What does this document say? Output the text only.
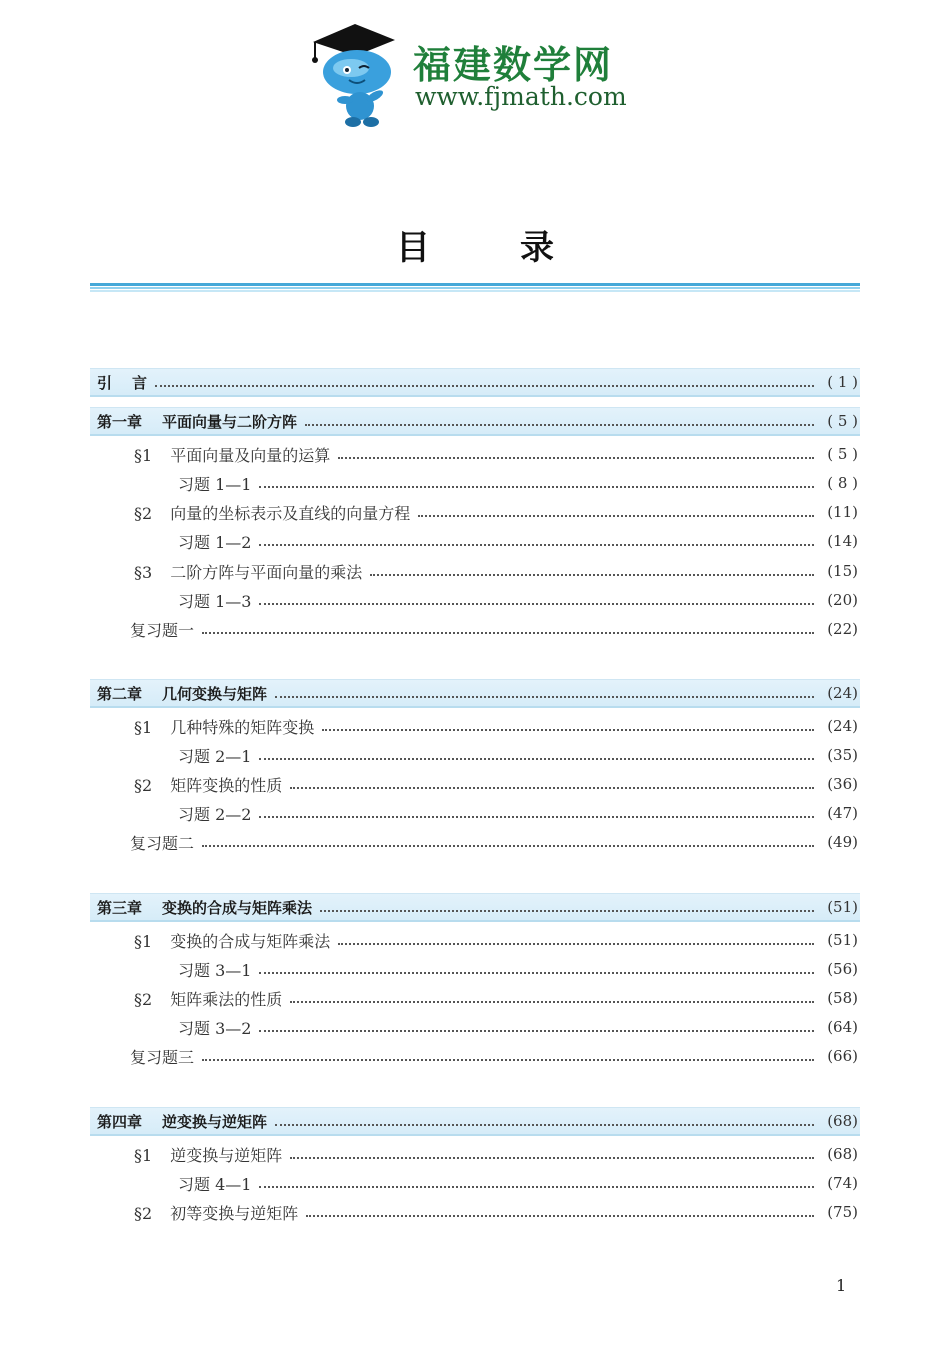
福建数学网
www.fjmath.com
目录
引 言	( 1 )
第一章 平面向量与二阶方阵	( 5 )
§1 平面向量及向量的运算	( 5 )
习题 1—1	( 8 )
§2 向量的坐标表示及直线的向量方程	(11)
习题 1—2	(14)
§3 二阶方阵与平面向量的乘法	(15)
习题 1—3	(20)
复习题一	(22)
第二章 几何变换与矩阵	(24)
§1 几种特殊的矩阵变换	(24)
习题 2—1	(35)
§2 矩阵变换的性质	(36)
习题 2—2	(47)
复习题二	(49)
第三章 变换的合成与矩阵乘法	(51)
§1 变换的合成与矩阵乘法	(51)
习题 3—1	(56)
§2 矩阵乘法的性质	(58)
习题 3—2	(64)
复习题三	(66)
第四章 逆变换与逆矩阵	(68)
§1 逆变换与逆矩阵	(68)
习题 4—1	(74)
§2 初等变换与逆矩阵	(75)
1
